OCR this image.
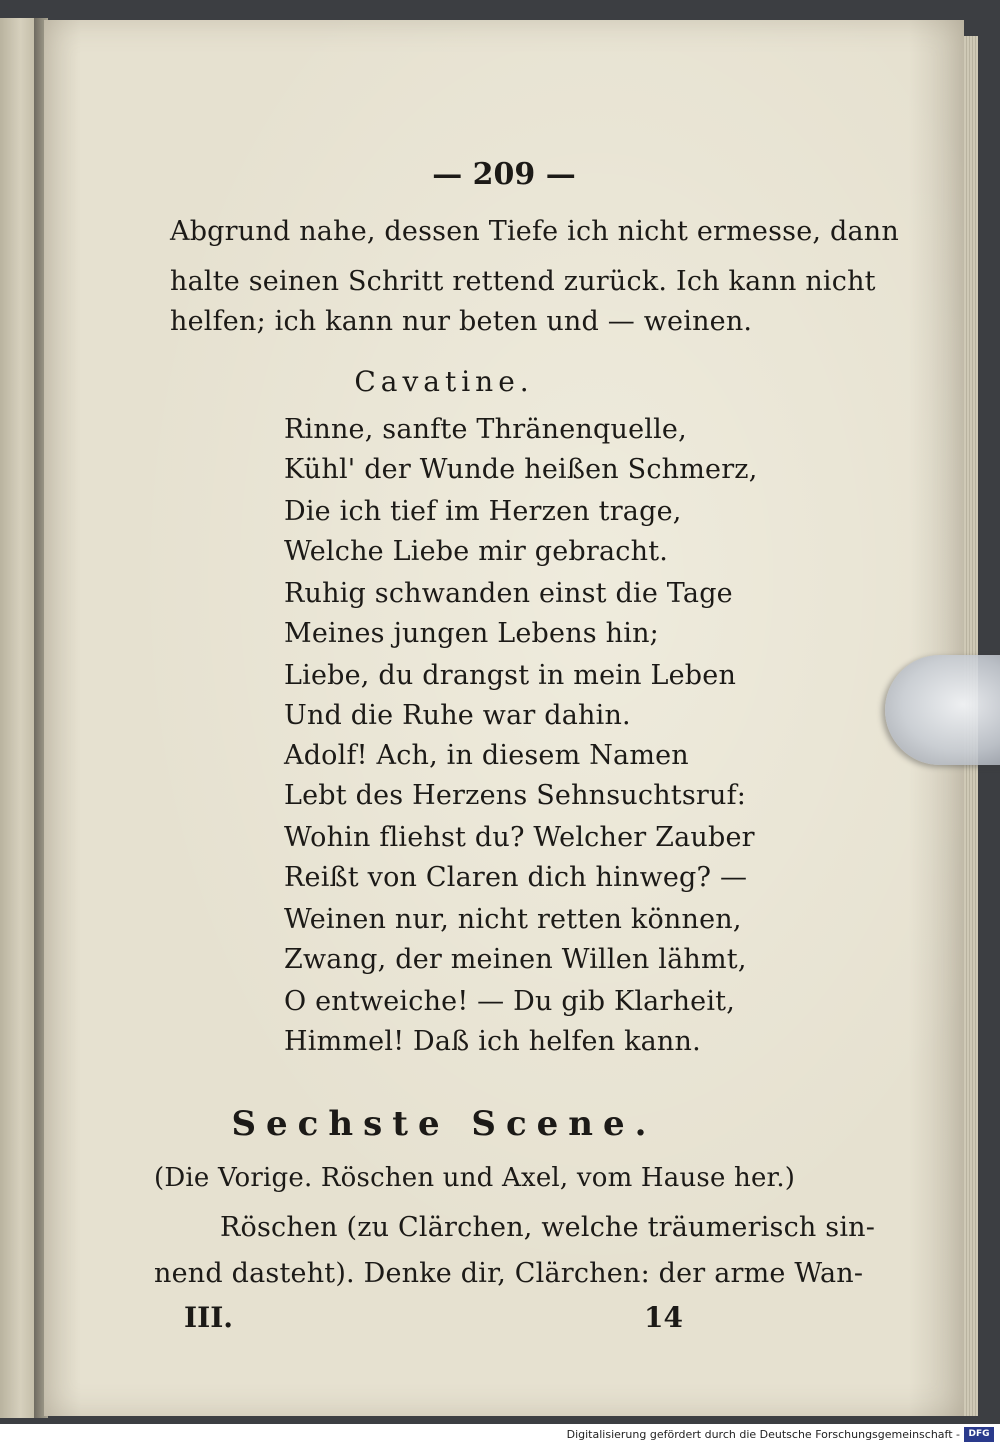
— 209 —
Abgrund nahe, dessen Tiefe ich nicht ermesse, dann
halte seinen Schritt rettend zurück. Ich kann nicht
helfen; ich kann nur beten und — weinen.
Cavatine.
Rinne, sanfte Thränenquelle,
Kühl' der Wunde heißen Schmerz,
Die ich tief im Herzen trage,
Welche Liebe mir gebracht.
Ruhig schwanden einst die Tage
Meines jungen Lebens hin;
Liebe, du drangst in mein Leben
Und die Ruhe war dahin.
Adolf! Ach, in diesem Namen
Lebt des Herzens Sehnsuchtsruf:
Wohin fliehst du? Welcher Zauber
Reißt von Claren dich hinweg? —
Weinen nur, nicht retten können,
Zwang, der meinen Willen lähmt,
O entweiche! — Du gib Klarheit,
Himmel! Daß ich helfen kann.
Sechste Scene.
(Die Vorige. Röschen und Axel, vom Hause her.)
Röschen (zu Clärchen, welche träumerisch sin-
nend dasteht). Denke dir, Clärchen: der arme Wan-
III.	14
Digitalisierung gefördert durch die Deutsche Forschungsgemeinschaft - DFG
